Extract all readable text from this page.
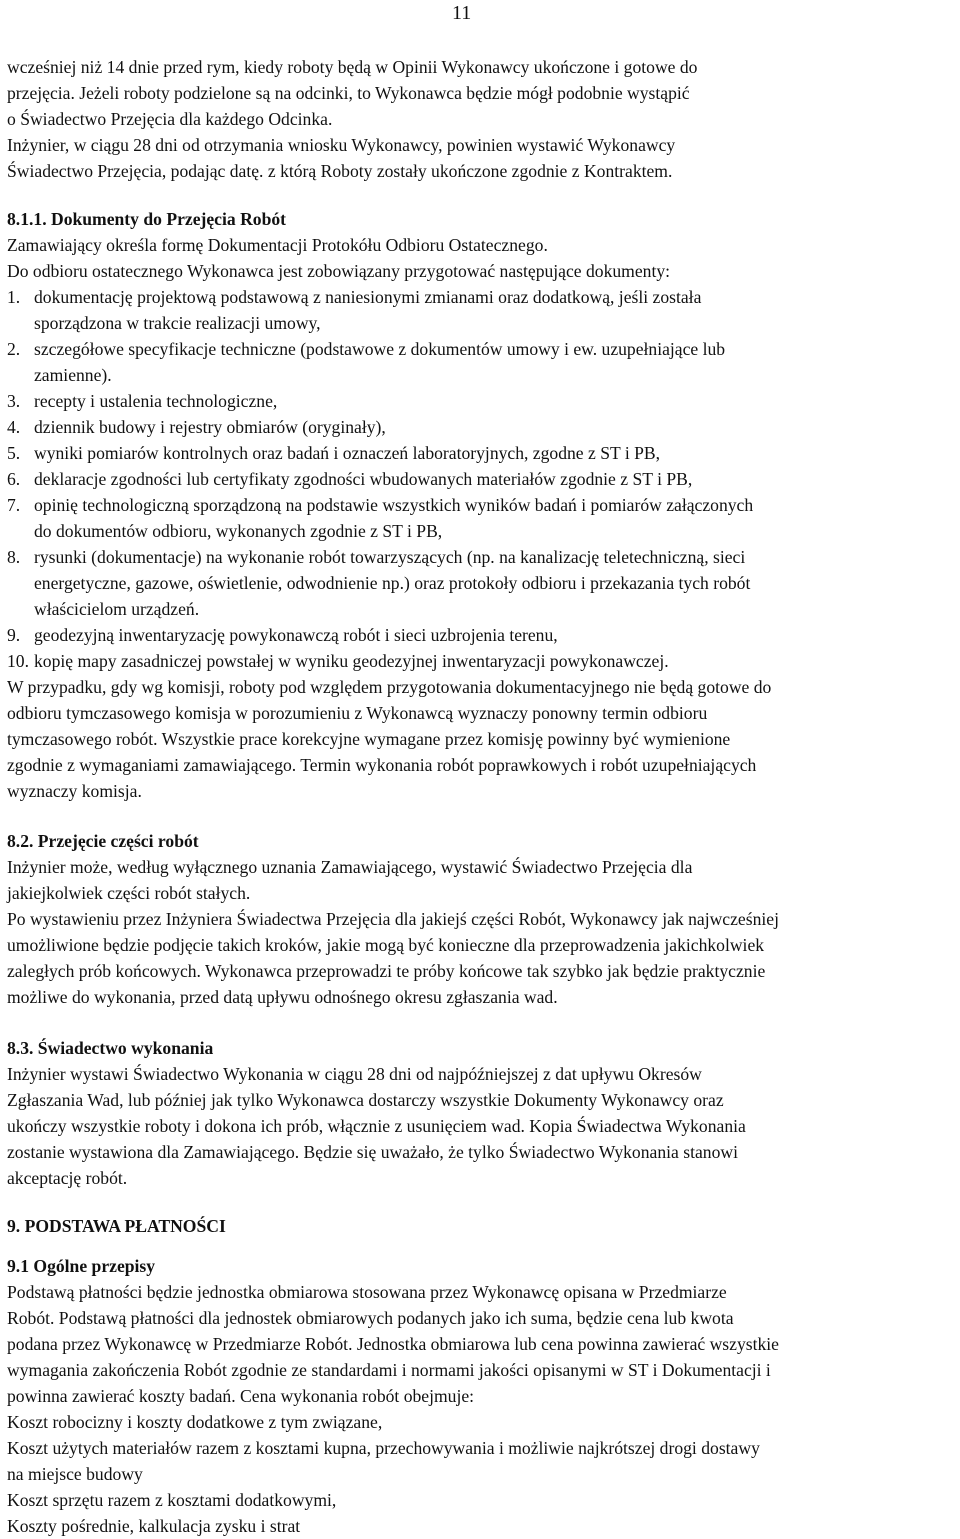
11
wcześniej niż 14 dnie przed rym, kiedy roboty będą w Opinii Wykonawcy ukończone i gotowe do
przejęcia. Jeżeli roboty podzielone są na odcinki, to Wykonawca będzie mógł podobnie wystąpić
o Świadectwo Przejęcia dla każdego Odcinka.
Inżynier, w ciągu 28 dni od otrzymania wniosku Wykonawcy, powinien wystawić Wykonawcy
Świadectwo Przejęcia, podając datę. z którą Roboty zostały ukończone zgodnie z Kontraktem.
8.1.1. Dokumenty do Przejęcia Robót
Zamawiający określa formę Dokumentacji Protokółu Odbioru Ostatecznego.
Do odbioru ostatecznego Wykonawca jest zobowiązany przygotować następujące dokumenty:
1. dokumentację projektową podstawową z naniesionymi zmianami oraz dodatkową, jeśli została
sporządzona w trakcie realizacji umowy,
2. szczegółowe specyfikacje techniczne (podstawowe z dokumentów umowy i ew. uzupełniające lub
zamienne).
3. recepty i ustalenia technologiczne,
4. dziennik budowy i rejestry obmiarów (oryginały),
5. wyniki pomiarów kontrolnych oraz badań i oznaczeń laboratoryjnych, zgodne z ST i PB,
6. deklaracje zgodności lub certyfikaty zgodności wbudowanych materiałów zgodnie z ST i PB,
7. opinię technologiczną sporządzoną na podstawie wszystkich wyników badań i pomiarów załączonych
do dokumentów odbioru, wykonanych zgodnie z ST i PB,
8. rysunki (dokumentacje) na wykonanie robót towarzyszących (np. na kanalizację teletechniczną, sieci
energetyczne, gazowe, oświetlenie, odwodnienie np.) oraz protokoły odbioru i przekazania tych robót
właścicielom urządzeń.
9. geodezyjną inwentaryzację powykonawczą robót i sieci uzbrojenia terenu,
10. kopię mapy zasadniczej powstałej w wyniku geodezyjnej inwentaryzacji powykonawczej.
W przypadku, gdy wg komisji, roboty pod względem przygotowania dokumentacyjnego nie będą gotowe do
odbioru tymczasowego komisja w porozumieniu z Wykonawcą wyznaczy ponowny termin odbioru
tymczasowego robót. Wszystkie prace korekcyjne wymagane przez komisję powinny być wymienione
zgodnie z wymaganiami zamawiającego. Termin wykonania robót poprawkowych i robót uzupełniających
wyznaczy komisja.
8.2. Przejęcie części robót
Inżynier może, według wyłącznego uznania Zamawiającego, wystawić Świadectwo Przejęcia dla
jakiejkolwiek części robót stałych.
Po wystawieniu przez Inżyniera Świadectwa Przejęcia dla jakiejś części Robót, Wykonawcy jak najwcześniej
umożliwione będzie podjęcie takich kroków, jakie mogą być konieczne dla przeprowadzenia jakichkolwiek
zaległych prób końcowych. Wykonawca przeprowadzi te próby końcowe tak szybko jak będzie praktycznie
możliwe do wykonania, przed datą upływu odnośnego okresu zgłaszania wad.
8.3. Świadectwo wykonania
Inżynier wystawi Świadectwo Wykonania w ciągu 28 dni od najpóźniejszej z dat upływu Okresów
Zgłaszania Wad, lub później jak tylko Wykonawca dostarczy wszystkie Dokumenty Wykonawcy oraz
ukończy wszystkie roboty i dokona ich prób, włącznie z usunięciem wad. Kopia Świadectwa Wykonania
zostanie wystawiona dla Zamawiającego. Będzie się uważało, że tylko Świadectwo Wykonania stanowi
akceptację robót.
9. PODSTAWA PŁATNOŚCI
9.1 Ogólne przepisy
Podstawą płatności będzie jednostka obmiarowa stosowana przez Wykonawcę opisana w Przedmiarze
Robót. Podstawą płatności dla jednostek obmiarowych podanych jako ich suma, będzie cena lub kwota
podana przez Wykonawcę w Przedmiarze Robót. Jednostka obmiarowa lub cena powinna zawierać wszystkie
wymagania zakończenia Robót zgodnie ze standardami i normami jakości opisanymi w ST i Dokumentacji i
powinna zawierać koszty badań. Cena wykonania robót obejmuje:
Koszt robocizny i koszty dodatkowe z tym związane,
Koszt użytych materiałów razem z kosztami kupna, przechowywania i możliwie najkrótszej drogi dostawy
na miejsce budowy
Koszt sprzętu razem z kosztami dodatkowymi,
Koszty pośrednie, kalkulacja zysku i strat
